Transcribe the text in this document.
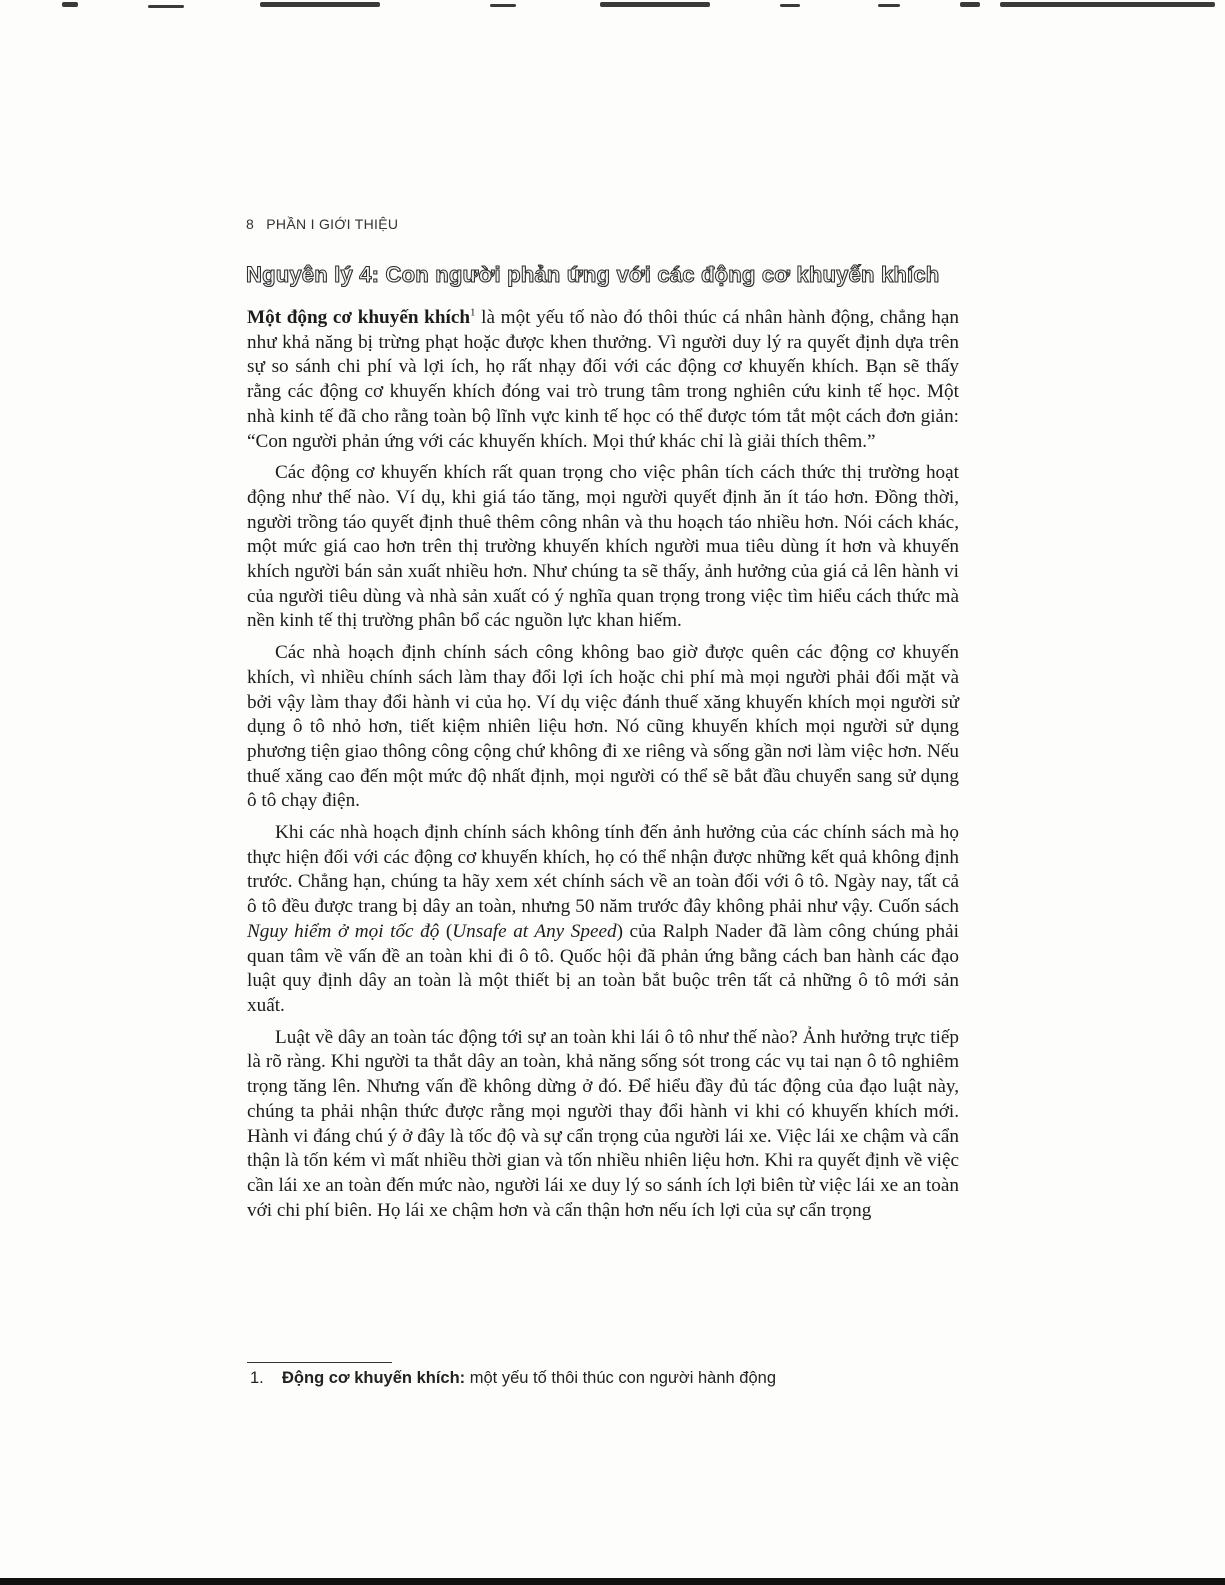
8 PHẦN I GIỚI THIỆU
Nguyên lý 4: Con người phản ứng với các động cơ khuyến khích

Một động cơ khuyến khích$^1$ là một yếu tố nào đó thôi thúc cá nhân hành động, chẳng hạn như khả năng bị trừng phạt hoặc được khen thưởng. Vì người duy lý ra quyết định dựa trên sự so sánh chi phí và lợi ích, họ rất nhạy đối với các động cơ khuyến khích. Bạn sẽ thấy rằng các động cơ khuyến khích đóng vai trò trung tâm trong nghiên cứu kinh tế học. Một nhà kinh tế đã cho rằng toàn bộ lĩnh vực kinh tế học có thể được tóm tắt một cách đơn giản: “Con người phản ứng với các khuyến khích. Mọi thứ khác chỉ là giải thích thêm.”

Các động cơ khuyến khích rất quan trọng cho việc phân tích cách thức thị trường hoạt động như thế nào. Ví dụ, khi giá táo tăng, mọi người quyết định ăn ít táo hơn. Đồng thời, người trồng táo quyết định thuê thêm công nhân và thu hoạch táo nhiều hơn. Nói cách khác, một mức giá cao hơn trên thị trường khuyến khích người mua tiêu dùng ít hơn và khuyến khích người bán sản xuất nhiều hơn. Như chúng ta sẽ thấy, ảnh hưởng của giá cả lên hành vi của người tiêu dùng và nhà sản xuất có ý nghĩa quan trọng trong việc tìm hiểu cách thức mà nền kinh tế thị trường phân bổ các nguồn lực khan hiếm.

Các nhà hoạch định chính sách công không bao giờ được quên các động cơ khuyến khích, vì nhiều chính sách làm thay đổi lợi ích hoặc chi phí mà mọi người phải đối mặt và bởi vậy làm thay đổi hành vi của họ. Ví dụ việc đánh thuế xăng khuyến khích mọi người sử dụng ô tô nhỏ hơn, tiết kiệm nhiên liệu hơn. Nó cũng khuyến khích mọi người sử dụng phương tiện giao thông công cộng chứ không đi xe riêng và sống gần nơi làm việc hơn. Nếu thuế xăng cao đến một mức độ nhất định, mọi người có thể sẽ bắt đầu chuyển sang sử dụng ô tô chạy điện.

Khi các nhà hoạch định chính sách không tính đến ảnh hưởng của các chính sách mà họ thực hiện đối với các động cơ khuyến khích, họ có thể nhận được những kết quả không định trước. Chẳng hạn, chúng ta hãy xem xét chính sách về an toàn đối với ô tô. Ngày nay, tất cả ô tô đều được trang bị dây an toàn, nhưng 50 năm trước đây không phải như vậy. Cuốn sách Nguy hiểm ở mọi tốc độ (Unsafe at Any Speed) của Ralph Nader đã làm công chúng phải quan tâm về vấn đề an toàn khi đi ô tô. Quốc hội đã phản ứng bằng cách ban hành các đạo luật quy định dây an toàn là một thiết bị an toàn bắt buộc trên tất cả những ô tô mới sản xuất.

Luật về dây an toàn tác động tới sự an toàn khi lái ô tô như thế nào? Ảnh hưởng trực tiếp là rõ ràng. Khi người ta thắt dây an toàn, khả năng sống sót trong các vụ tai nạn ô tô nghiêm trọng tăng lên. Nhưng vấn đề không dừng ở đó. Để hiểu đầy đủ tác động của đạo luật này, chúng ta phải nhận thức được rằng mọi người thay đổi hành vi khi có khuyến khích mới. Hành vi đáng chú ý ở đây là tốc độ và sự cẩn trọng của người lái xe. Việc lái xe chậm và cẩn thận là tốn kém vì mất nhiều thời gian và tốn nhiều nhiên liệu hơn. Khi ra quyết định về việc cần lái xe an toàn đến mức nào, người lái xe duy lý so sánh ích lợi biên từ việc lái xe an toàn với chi phí biên. Họ lái xe chậm hơn và cẩn thận hơn nếu ích lợi của sự cẩn trọng

1. Động cơ khuyến khích: một yếu tố thôi thúc con người hành động
